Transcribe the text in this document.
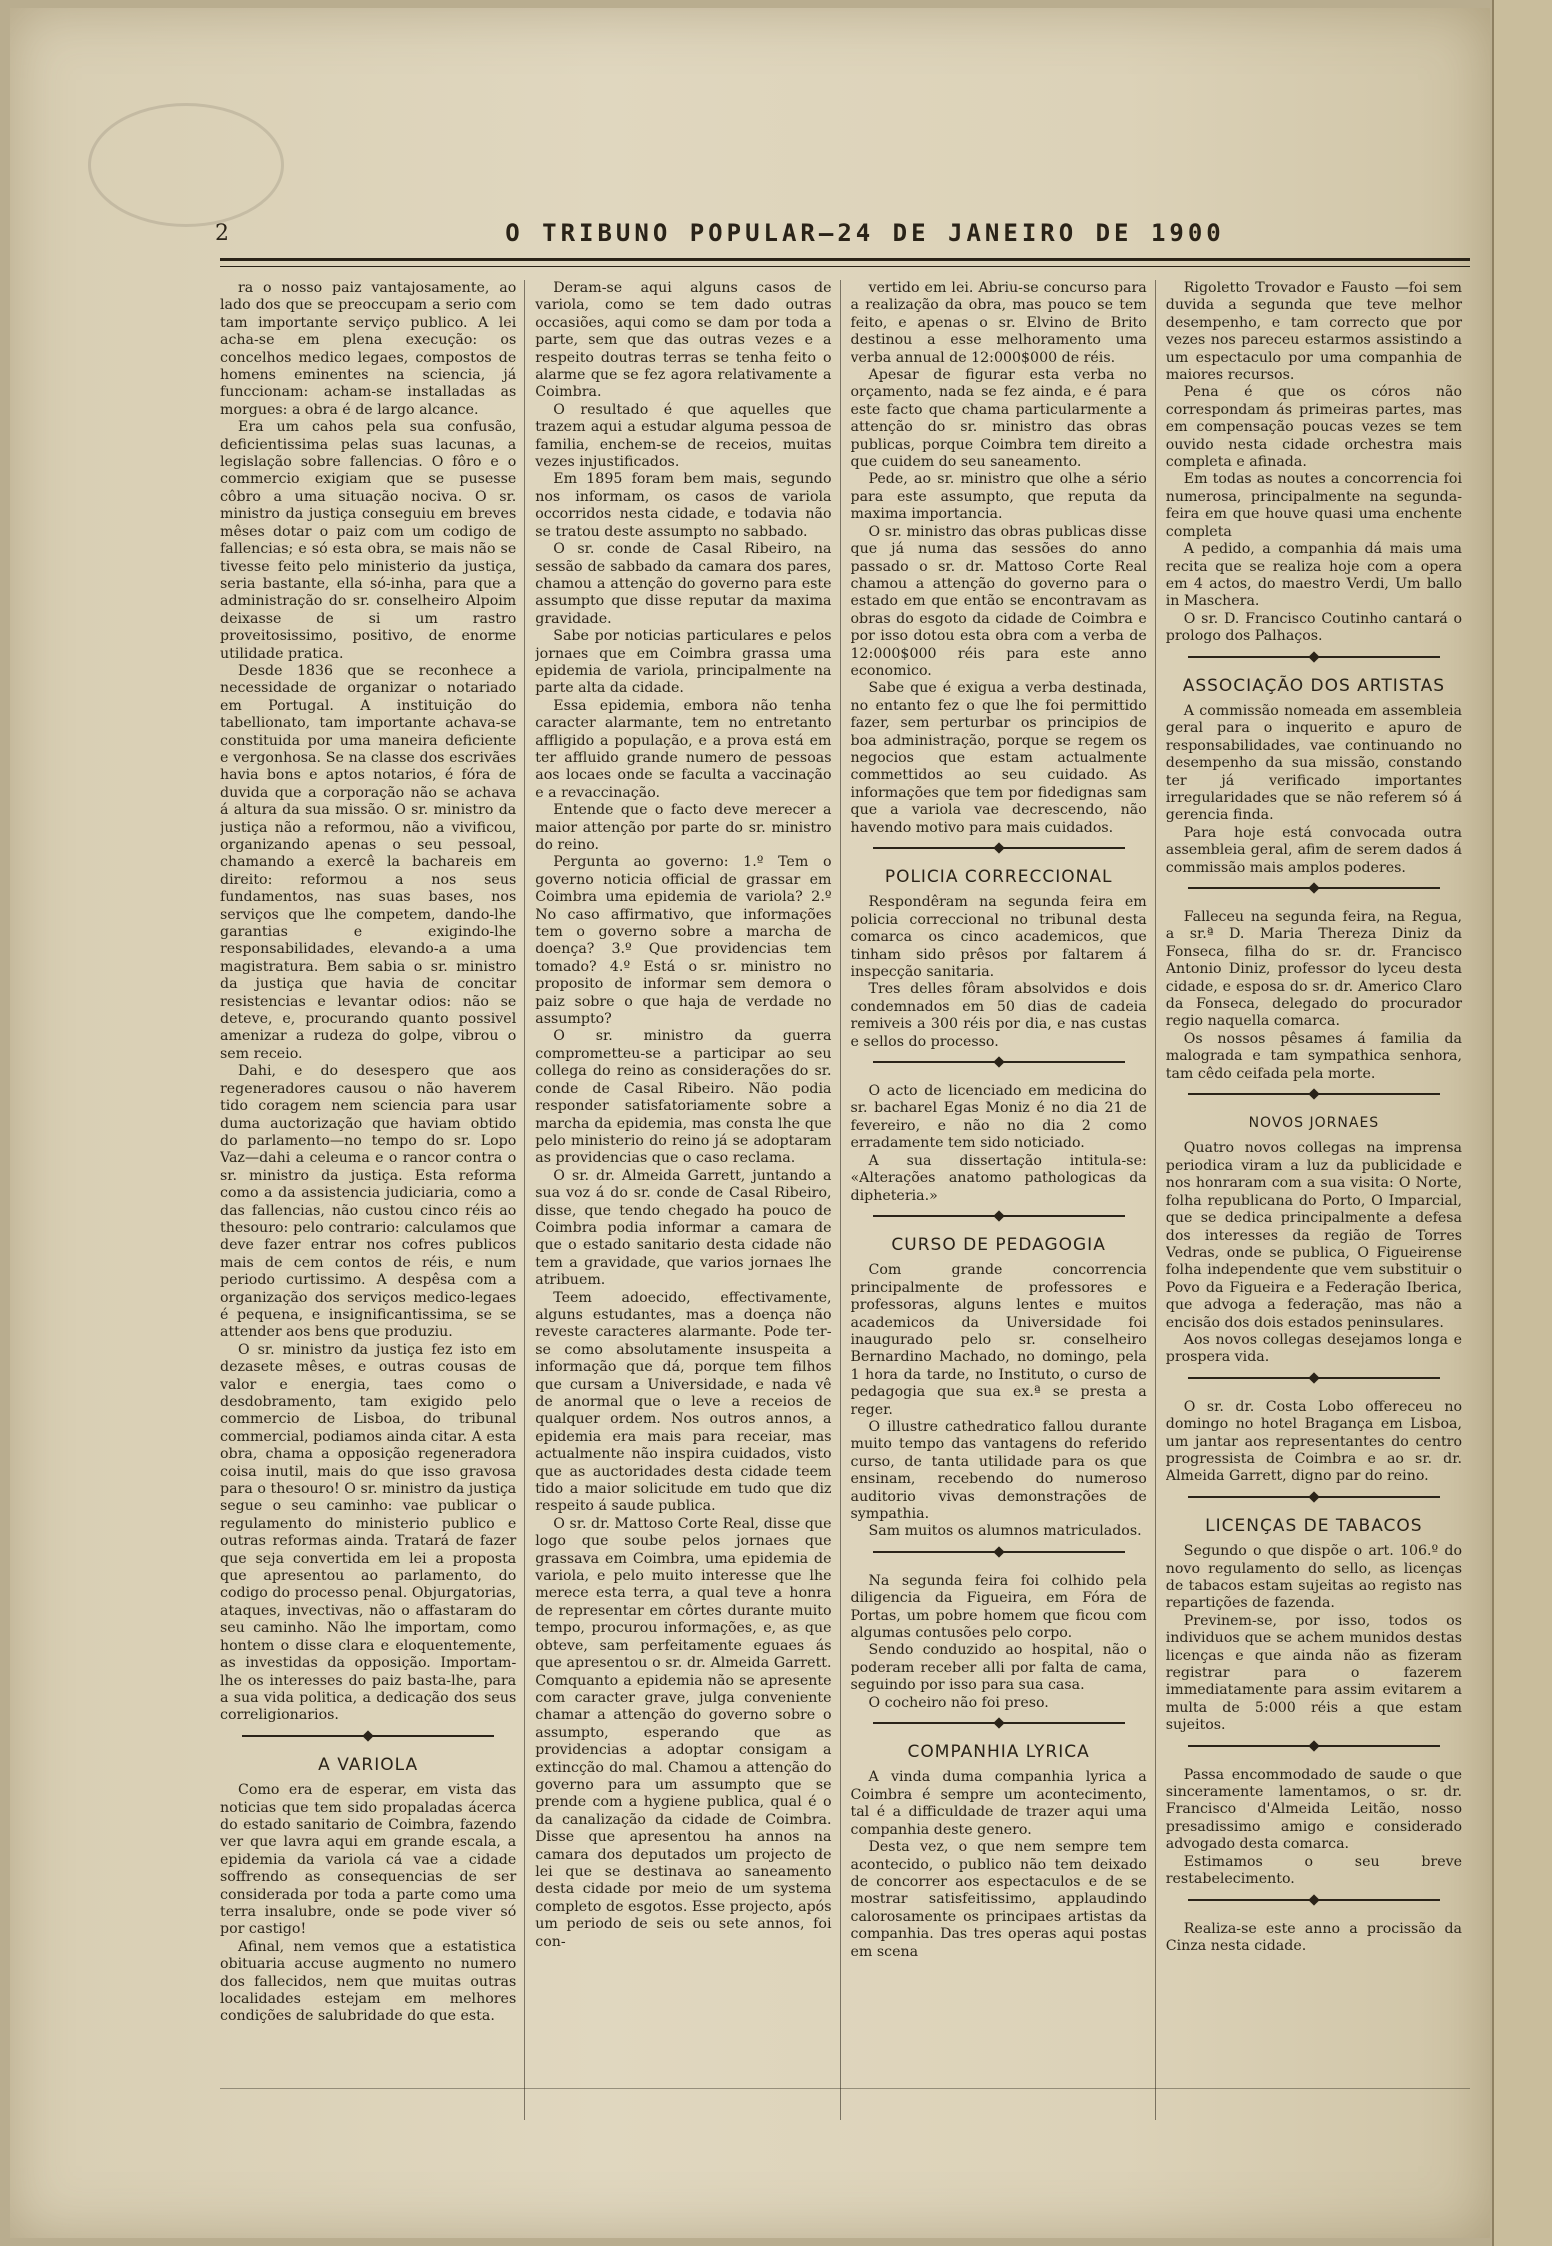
2	O TRIBUNO POPULAR—24 DE JANEIRO DE 1900

ra o nosso paiz vantajosamente, ao lado dos que se preoccupam a serio com tam importante serviço publico. A lei acha-se em plena execução: os concelhos medico legaes, compostos de homens eminentes na sciencia, já funccionam: acham-se installadas as morgues: a obra é de largo alcance.

Era um cahos pela sua confusão, deficientissima pelas suas lacunas, a legislação sobre fallencias. O fôro e o commercio exigiam que se pusesse côbro a uma situação nociva. O sr. ministro da justiça conseguiu em breves mêses dotar o paiz com um codigo de fallencias; e só esta obra, se mais não se tivesse feito pelo ministerio da justiça, seria bastante, ella só-inha, para que a administração do sr. conselheiro Alpoim deixasse de si um rastro proveitosissimo, positivo, de enorme utilidade pratica.

Desde 1836 que se reconhece a necessidade de organizar o notariado em Portugal. A instituição do tabellionato, tam importante achava-se constituida por uma maneira deficiente e vergonhosa. Se na classe dos escrivães havia bons e aptos notarios, é fóra de duvida que a corporação não se achava á altura da sua missão. O sr. ministro da justiça não a reformou, não a vivificou, organizando apenas o seu pessoal, chamando a exercê la bachareis em direito: reformou a nos seus fundamentos, nas suas bases, nos serviços que lhe competem, dando-lhe garantias e exigindo-lhe responsabilidades, elevando-a a uma magistratura. Bem sabia o sr. ministro da justiça que havia de concitar resistencias e levantar odios: não se deteve, e, procurando quanto possivel amenizar a rudeza do golpe, vibrou o sem receio.

Dahi, e do desespero que aos regeneradores causou o não haverem tido coragem nem sciencia para usar duma auctorização que haviam obtido do parlamento—no tempo do sr. Lopo Vaz—dahi a celeuma e o rancor contra o sr. ministro da justiça. Esta reforma como a da assistencia judiciaria, como a das fallencias, não custou cinco réis ao thesouro: pelo contrario: calculamos que deve fazer entrar nos cofres publicos mais de cem contos de réis, e num periodo curtissimo. A despêsa com a organização dos serviços medico-legaes é pequena, e insignificantissima, se se attender aos bens que produziu.

O sr. ministro da justiça fez isto em dezasete mêses, e outras cousas de valor e energia, taes como o desdobramento, tam exigido pelo commercio de Lisboa, do tribunal commercial, podiamos ainda citar. A esta obra, chama a opposição regeneradora coisa inutil, mais do que isso gravosa para o thesouro! O sr. ministro da justiça segue o seu caminho: vae publicar o regulamento do ministerio publico e outras reformas ainda. Tratará de fazer que seja convertida em lei a proposta que apresentou ao parlamento, do codigo do processo penal. Objurgatorias, ataques, invectivas, não o affastaram do seu caminho. Não lhe importam, como hontem o disse clara e eloquentemente, as investidas da opposição. Importam-lhe os interesses do paiz basta-lhe, para a sua vida politica, a dedicação dos seus correligionarios.

A VARIOLA

Como era de esperar, em vista das noticias que tem sido propaladas ácerca do estado sanitario de Coimbra, fazendo ver que lavra aqui em grande escala, a epidemia da variola cá vae a cidade soffrendo as consequencias de ser considerada por toda a parte como uma terra insalubre, onde se pode viver só por castigo!

Afinal, nem vemos que a estatistica obituaria accuse augmento no numero dos fallecidos, nem que muitas outras localidades estejam em melhores condições de salubridade do que esta.

Deram-se aqui alguns casos de variola, como se tem dado outras occasiões, aqui como se dam por toda a parte, sem que das outras vezes e a respeito doutras terras se tenha feito o alarme que se fez agora relativamente a Coimbra.

O resultado é que aquelles que trazem aqui a estudar alguma pessoa de familia, enchem-se de receios, muitas vezes injustificados.

Em 1895 foram bem mais, segundo nos informam, os casos de variola occorridos nesta cidade, e todavia não se tratou deste assumpto no sabbado.

O sr. conde de Casal Ribeiro, na sessão de sabbado da camara dos pares, chamou a attenção do governo para este assumpto que disse reputar da maxima gravidade.

Sabe por noticias particulares e pelos jornaes que em Coimbra grassa uma epidemia de variola, principalmente na parte alta da cidade.

Essa epidemia, embora não tenha caracter alarmante, tem no entretanto affligido a população, e a prova está em ter affluido grande numero de pessoas aos locaes onde se faculta a vaccinação e a revaccinação.

Entende que o facto deve merecer a maior attenção por parte do sr. ministro do reino.

Pergunta ao governo: 1.º Tem o governo noticia official de grassar em Coimbra uma epidemia de variola? 2.º No caso affirmativo, que informações tem o governo sobre a marcha de doença? 3.º Que providencias tem tomado? 4.º Está o sr. ministro no proposito de informar sem demora o paiz sobre o que haja de verdade no assumpto?

O sr. ministro da guerra comprometteu-se a participar ao seu collega do reino as considerações do sr. conde de Casal Ribeiro. Não podia responder satisfatoriamente sobre a marcha da epidemia, mas consta lhe que pelo ministerio do reino já se adoptaram as providencias que o caso reclama.

O sr. dr. Almeida Garrett, juntando a sua voz á do sr. conde de Casal Ribeiro, disse, que tendo chegado ha pouco de Coimbra podia informar a camara de que o estado sanitario desta cidade não tem a gravidade, que varios jornaes lhe atribuem.

Teem adoecido, effectivamente, alguns estudantes, mas a doença não reveste caracteres alarmante. Pode ter-se como absolutamente insuspeita a informação que dá, porque tem filhos que cursam a Universidade, e nada vê de anormal que o leve a receios de qualquer ordem. Nos outros annos, a epidemia era mais para receiar, mas actualmente não inspira cuidados, visto que as auctoridades desta cidade teem tido a maior solicitude em tudo que diz respeito á saude publica.

O sr. dr. Mattoso Corte Real, disse que logo que soube pelos jornaes que grassava em Coimbra, uma epidemia de variola, e pelo muito interesse que lhe merece esta terra, a qual teve a honra de representar em côrtes durante muito tempo, procurou informações, e, as que obteve, sam perfeitamente eguaes ás que apresentou o sr. dr. Almeida Garrett. Comquanto a epidemia não se apresente com caracter grave, julga conveniente chamar a attenção do governo sobre o assumpto, esperando que as providencias a adoptar consigam a extincção do mal. Chamou a attenção do governo para um assumpto que se prende com a hygiene publica, qual é o da canalização da cidade de Coimbra. Disse que apresentou ha annos na camara dos deputados um projecto de lei que se destinava ao saneamento desta cidade por meio de um systema completo de esgotos. Esse projecto, após um periodo de seis ou sete annos, foi con-

vertido em lei. Abriu-se concurso para a realização da obra, mas pouco se tem feito, e apenas o sr. Elvino de Brito destinou a esse melhoramento uma verba annual de 12:000$000 de réis.

Apesar de figurar esta verba no orçamento, nada se fez ainda, e é para este facto que chama particularmente a attenção do sr. ministro das obras publicas, porque Coimbra tem direito a que cuidem do seu saneamento.

Pede, ao sr. ministro que olhe a sério para este assumpto, que reputa da maxima importancia.

O sr. ministro das obras publicas disse que já numa das sessões do anno passado o sr. dr. Mattoso Corte Real chamou a attenção do governo para o estado em que então se encontravam as obras do esgoto da cidade de Coimbra e por isso dotou esta obra com a verba de 12:000$000 réis para este anno economico.

Sabe que é exigua a verba destinada, no entanto fez o que lhe foi permittido fazer, sem perturbar os principios de boa administração, porque se regem os negocios que estam actualmente commettidos ao seu cuidado. As informações que tem por fidedignas sam que a variola vae decrescendo, não havendo motivo para mais cuidados.

POLICIA CORRECCIONAL

Respondêram na segunda feira em policia correccional no tribunal desta comarca os cinco academicos, que tinham sido prêsos por faltarem á inspecção sanitaria.

Tres delles fôram absolvidos e dois condemnados em 50 dias de cadeia remiveis a 300 réis por dia, e nas custas e sellos do processo.

O acto de licenciado em medicina do sr. bacharel Egas Moniz é no dia 21 de fevereiro, e não no dia 2 como erradamente tem sido noticiado.

A sua dissertação intitula-se: «Alterações anatomo pathologicas da dipheteria.»

CURSO DE PEDAGOGIA

Com grande concorrencia principalmente de professores e professoras, alguns lentes e muitos academicos da Universidade foi inaugurado pelo sr. conselheiro Bernardino Machado, no domingo, pela 1 hora da tarde, no Instituto, o curso de pedagogia que sua ex.ª se presta a reger.

O illustre cathedratico fallou durante muito tempo das vantagens do referido curso, de tanta utilidade para os que ensinam, recebendo do numeroso auditorio vivas demonstrações de sympathia.

Sam muitos os alumnos matriculados.

Na segunda feira foi colhido pela diligencia da Figueira, em Fóra de Portas, um pobre homem que ficou com algumas contusões pelo corpo.

Sendo conduzido ao hospital, não o poderam receber alli por falta de cama, seguindo por isso para sua casa.

O cocheiro não foi preso.

COMPANHIA LYRICA

A vinda duma companhia lyrica a Coimbra é sempre um acontecimento, tal é a difficuldade de trazer aqui uma companhia deste genero.

Desta vez, o que nem sempre tem acontecido, o publico não tem deixado de concorrer aos espectaculos e de se mostrar satisfeitissimo, applaudindo calorosamente os principaes artistas da companhia. Das tres operas aqui postas em scena

Rigoletto Trovador e Fausto —foi sem duvida a segunda que teve melhor desempenho, e tam correcto que por vezes nos pareceu estarmos assistindo a um espectaculo por uma companhia de maiores recursos.

Pena é que os córos não correspondam ás primeiras partes, mas em compensação poucas vezes se tem ouvido nesta cidade orchestra mais completa e afinada.

Em todas as noutes a concorrencia foi numerosa, principalmente na segunda-feira em que houve quasi uma enchente completa

A pedido, a companhia dá mais uma recita que se realiza hoje com a opera em 4 actos, do maestro Verdi, Um ballo in Maschera.

O sr. D. Francisco Coutinho cantará o prologo dos Palhaços.

ASSOCIAÇÃO DOS ARTISTAS

A commissão nomeada em assembleia geral para o inquerito e apuro de responsabilidades, vae continuando no desempenho da sua missão, constando ter já verificado importantes irregularidades que se não referem só á gerencia finda.

Para hoje está convocada outra assembleia geral, afim de serem dados á commissão mais amplos poderes.

Falleceu na segunda feira, na Regua, a sr.ª D. Maria Thereza Diniz da Fonseca, filha do sr. dr. Francisco Antonio Diniz, professor do lyceu desta cidade, e esposa do sr. dr. Americo Claro da Fonseca, delegado do procurador regio naquella comarca.

Os nossos pêsames á familia da malograda e tam sympathica senhora, tam cêdo ceifada pela morte.

NOVOS JORNAES

Quatro novos collegas na imprensa periodica viram a luz da publicidade e nos honraram com a sua visita: O Norte, folha republicana do Porto, O Imparcial, que se dedica principalmente a defesa dos interesses da região de Torres Vedras, onde se publica, O Figueirense folha independente que vem substituir o Povo da Figueira e a Federação Iberica, que advoga a federação, mas não a encisão dos dois estados peninsulares.

Aos novos collegas desejamos longa e prospera vida.

O sr. dr. Costa Lobo offereceu no domingo no hotel Bragança em Lisboa, um jantar aos representantes do centro progressista de Coimbra e ao sr. dr. Almeida Garrett, digno par do reino.

LICENÇAS DE TABACOS

Segundo o que dispõe o art. 106.º do novo regulamento do sello, as licenças de tabacos estam sujeitas ao registo nas repartições de fazenda.

Previnem-se, por isso, todos os individuos que se achem munidos destas licenças e que ainda não as fizeram registrar para o fazerem immediatamente para assim evitarem a multa de 5:000 réis a que estam sujeitos.

Passa encommodado de saude o que sinceramente lamentamos, o sr. dr. Francisco d'Almeida Leitão, nosso presadissimo amigo e considerado advogado desta comarca.

Estimamos o seu breve restabelecimento.

Realiza-se este anno a procissão da Cinza nesta cidade.
